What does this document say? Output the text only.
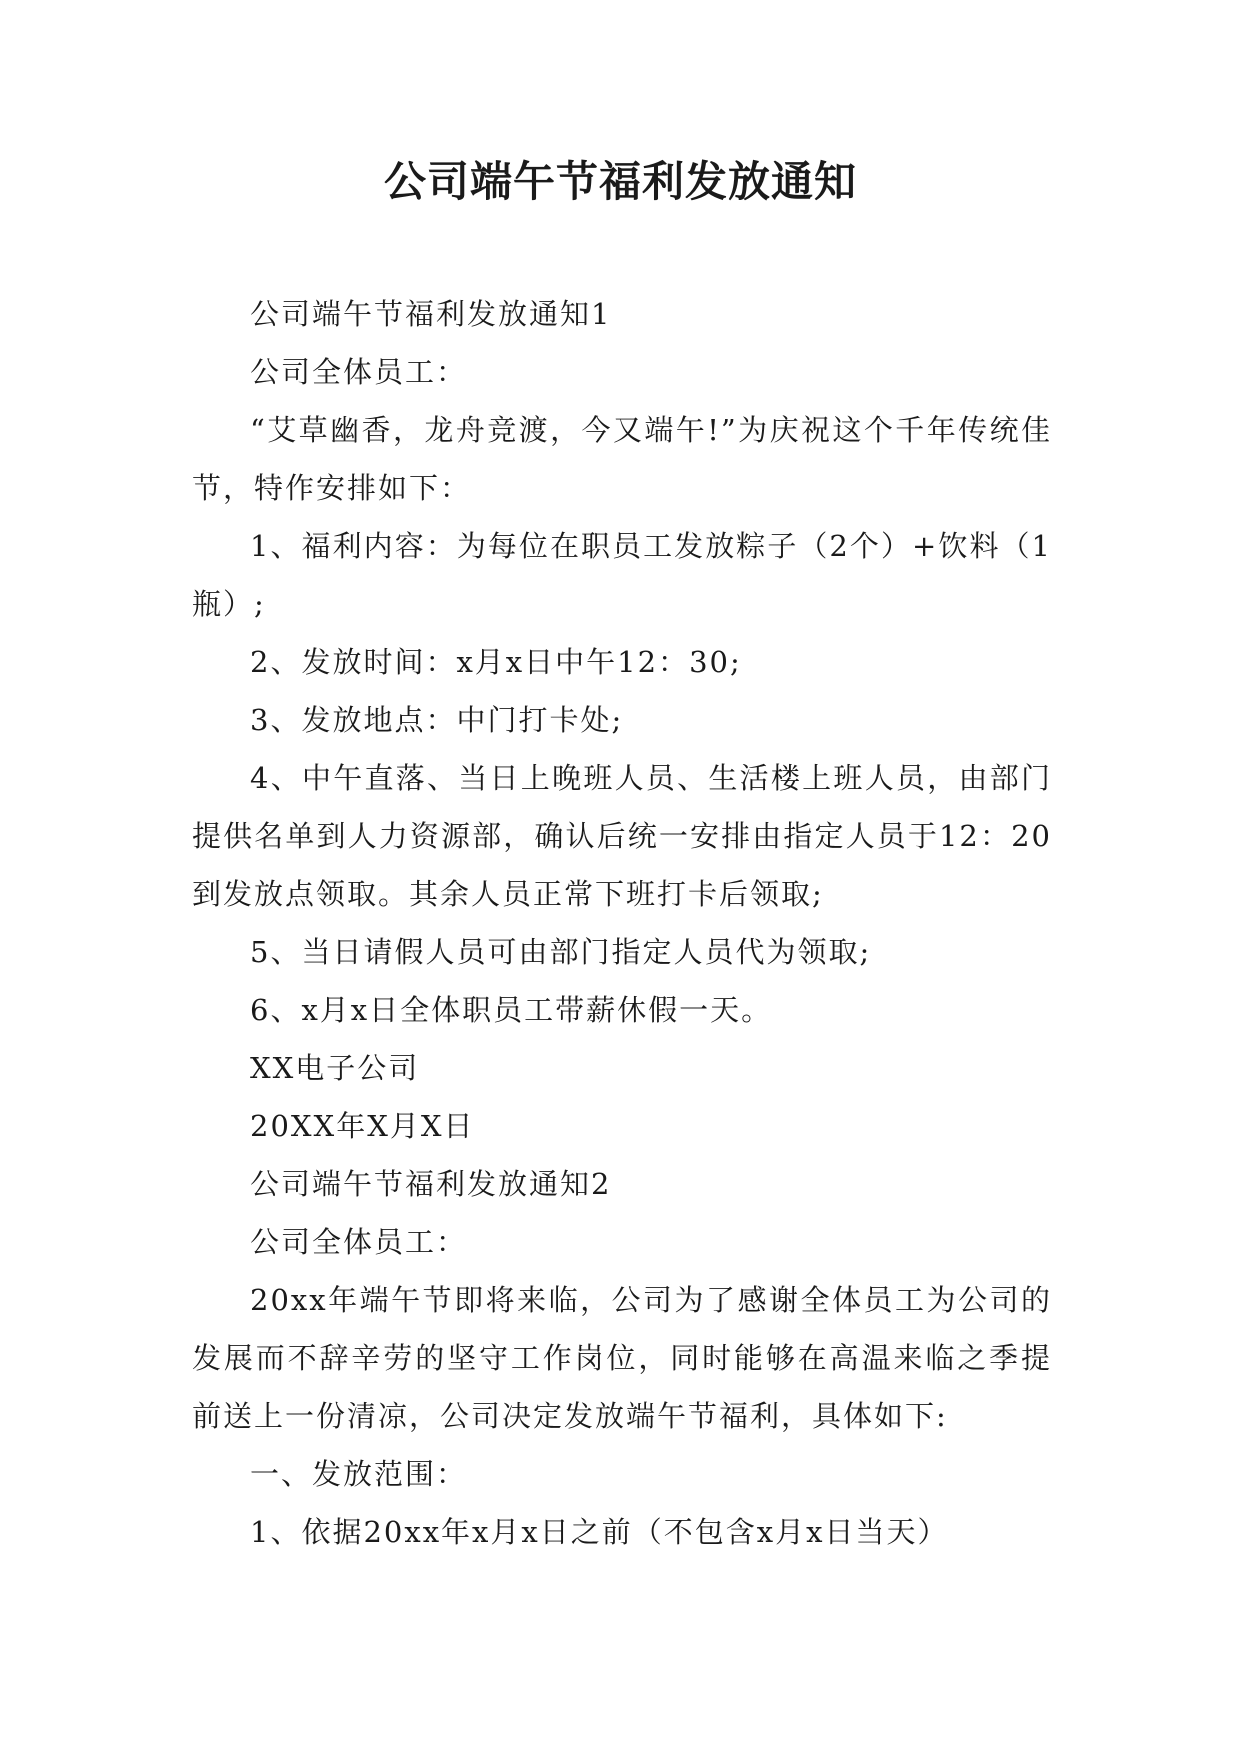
公司端午节福利发放通知

公司端午节福利发放通知1

公司全体员工：

“艾草幽香，龙舟竞渡，今又端午!”为庆祝这个千年传统佳节，特作安排如下：

1、福利内容：为每位在职员工发放粽子（2个）+饮料（1瓶）;

2、发放时间：x月x日中午12：30;

3、发放地点：中门打卡处;

4、中午直落、当日上晚班人员、生活楼上班人员，由部门提供名单到人力资源部，确认后统一安排由指定人员于12：20到发放点领取。其余人员正常下班打卡后领取;

5、当日请假人员可由部门指定人员代为领取;

6、x月x日全体职员工带薪休假一天。

XX电子公司

20XX年X月X日

公司端午节福利发放通知2

公司全体员工：

20xx年端午节即将来临，公司为了感谢全体员工为公司的发展而不辞辛劳的坚守工作岗位，同时能够在高温来临之季提前送上一份清凉，公司决定发放端午节福利，具体如下:

一、发放范围：

1、依据20xx年x月x日之前（不包含x月x日当天）
